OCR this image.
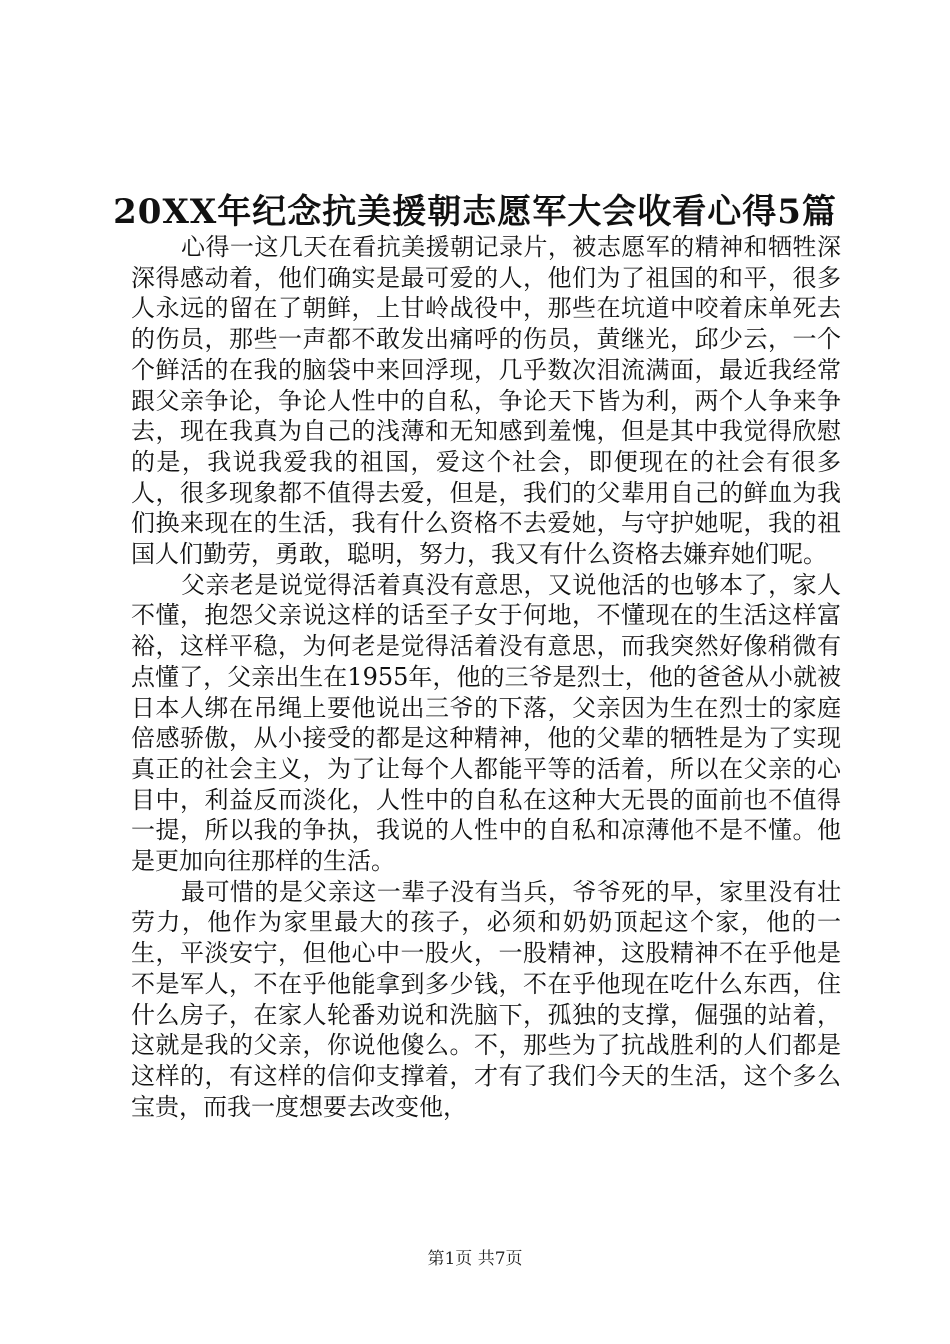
20XX年纪念抗美援朝志愿军大会收看心得5篇

心得一这几天在看抗美援朝记录片，被志愿军的精神和牺牲深深得感动着，他们确实是最可爱的人，他们为了祖国的和平，很多人永远的留在了朝鲜，上甘岭战役中，那些在坑道中咬着床单死去的伤员，那些一声都不敢发出痛呼的伤员，黄继光，邱少云，一个个鲜活的在我的脑袋中来回浮现，几乎数次泪流满面，最近我经常跟父亲争论，争论人性中的自私，争论天下皆为利，两个人争来争去，现在我真为自己的浅薄和无知感到羞愧，但是其中我觉得欣慰的是，我说我爱我的祖国，爱这个社会，即便现在的社会有很多人，很多现象都不值得去爱，但是，我们的父辈用自己的鲜血为我们换来现在的生活，我有什么资格不去爱她，与守护她呢，我的祖国人们勤劳，勇敢，聪明，努力，我又有什么资格去嫌弃她们呢。

父亲老是说觉得活着真没有意思，又说他活的也够本了，家人不懂，抱怨父亲说这样的话至子女于何地，不懂现在的生活这样富裕，这样平稳，为何老是觉得活着没有意思，而我突然好像稍微有点懂了，父亲出生在1955年，他的三爷是烈士，他的爸爸从小就被日本人绑在吊绳上要他说出三爷的下落，父亲因为生在烈士的家庭倍感骄傲，从小接受的都是这种精神，他的父辈的牺牲是为了实现真正的社会主义，为了让每个人都能平等的活着，所以在父亲的心目中，利益反而淡化，人性中的自私在这种大无畏的面前也不值得一提，所以我的争执，我说的人性中的自私和凉薄他不是不懂。他是更加向往那样的生活。

最可惜的是父亲这一辈子没有当兵，爷爷死的早，家里没有壮劳力，他作为家里最大的孩子，必须和奶奶顶起这个家，他的一生，平淡安宁，但他心中一股火，一股精神，这股精神不在乎他是不是军人，不在乎他能拿到多少钱，不在乎他现在吃什么东西，住什么房子，在家人轮番劝说和洗脑下，孤独的支撑，倔强的站着，这就是我的父亲，你说他傻么。不，那些为了抗战胜利的人们都是这样的，有这样的信仰支撑着，才有了我们今天的生活，这个多么宝贵，而我一度想要去改变他，

第1页 共7页
